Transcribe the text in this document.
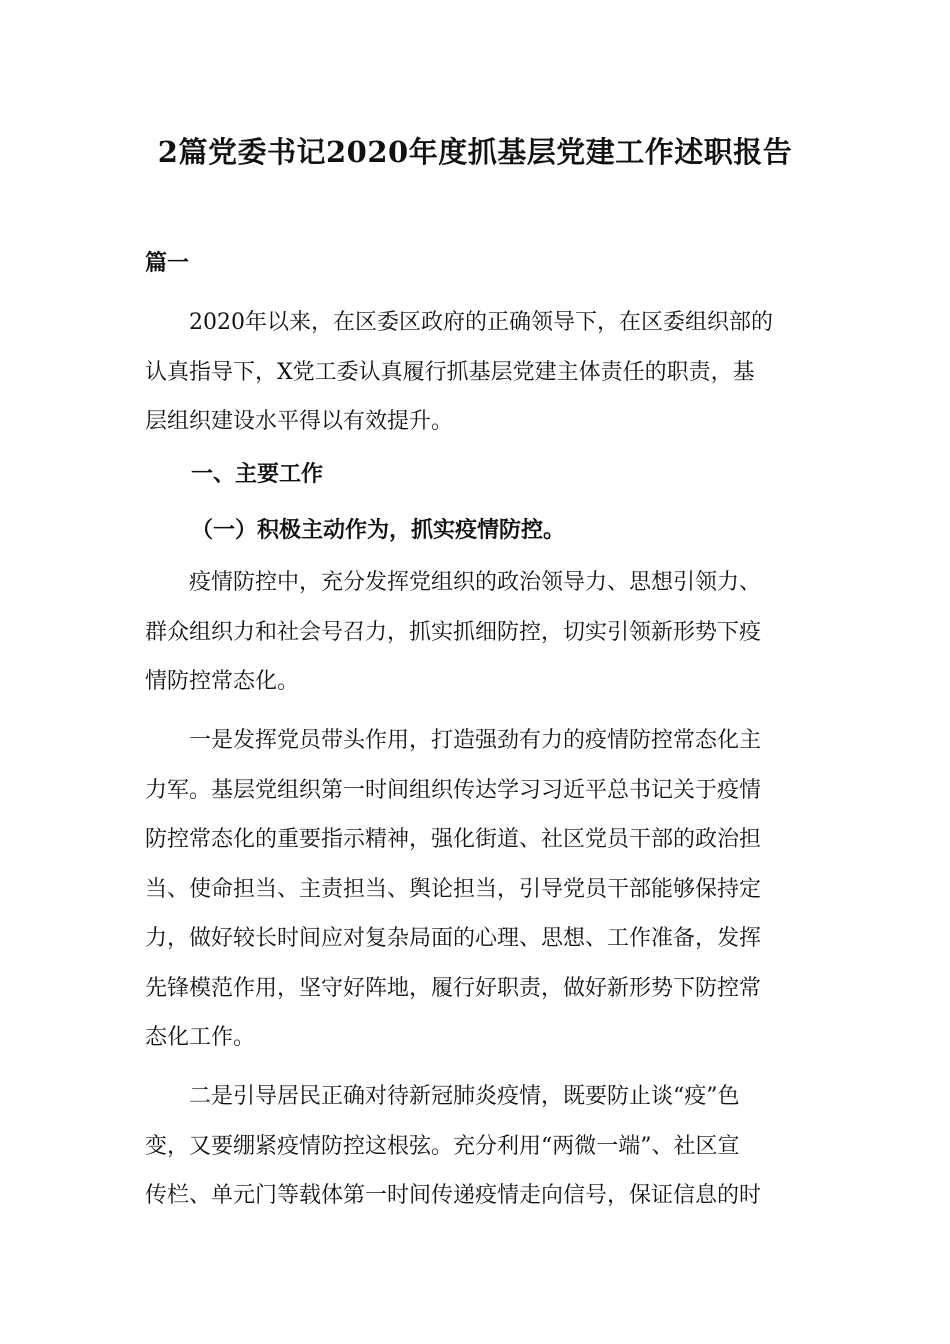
2篇党委书记2020年度抓基层党建工作述职报告

篇一

2020年以来，在区委区政府的正确领导下，在区委组织部的
认真指导下，X党工委认真履行抓基层党建主体责任的职责，基
层组织建设水平得以有效提升。

一、主要工作

（一）积极主动作为，抓实疫情防控。

疫情防控中，充分发挥党组织的政治领导力、思想引领力、
群众组织力和社会号召力，抓实抓细防控，切实引领新形势下疫
情防控常态化。

一是发挥党员带头作用，打造强劲有力的疫情防控常态化主
力军。基层党组织第一时间组织传达学习习近平总书记关于疫情
防控常态化的重要指示精神，强化街道、社区党员干部的政治担
当、使命担当、主责担当、舆论担当，引导党员干部能够保持定
力，做好较长时间应对复杂局面的心理、思想、工作准备，发挥
先锋模范作用，坚守好阵地，履行好职责，做好新形势下防控常
态化工作。

二是引导居民正确对待新冠肺炎疫情，既要防止谈“疫”色
变，又要绷紧疫情防控这根弦。充分利用“两微一端”、社区宣
传栏、单元门等载体第一时间传递疫情走向信号，保证信息的时
